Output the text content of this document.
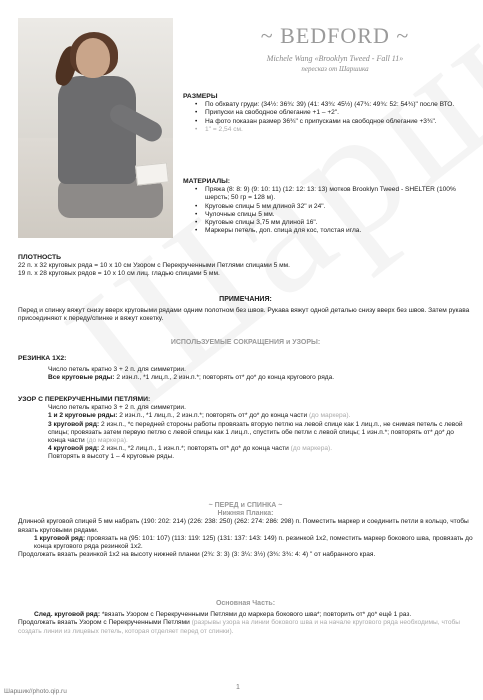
~ BEDFORD ~
Michele Wang «Brooklyn Tweed - Fall 11»
пересказ от Шаршика
РАЗМЕРЫ
• По обхвату груди: (34½: 36¾: 39) (41: 43¾: 45½) (47¾: 49¾: 52: 54¾)" после ВТО.
• Припуски на свободное облегание +1 – +2".
• На фото показан размер 36¾" с припусками на свободное облегание +3¾".
• 1" = 2,54 см.
МАТЕРИАЛЫ:
• Пряжа (8: 8: 9) (9: 10: 11) (12: 12: 13: 13) мотков Brooklyn Tweed - SHELTER (100% шерсть; 50 гр = 128 м).
• Круговые спицы 5 мм длиной 32" и 24".
• Чулочные спицы 5 мм.
• Круговые спицы 3,75 мм длиной 16".
• Маркеры петель, доп. спица для кос, толстая игла.
ПЛОТНОСТЬ
22 п. х 32 круговых ряда = 10 х 10 см Узором с Перекрученными Петлями спицами 5 мм.
19 п. х 28 круговых рядов = 10 х 10 см лиц. гладью спицами 5 мм.
ПРИМЕЧАНИЯ:
Перед и спинку вяжут снизу вверх круговыми рядами одним полотном без швов. Рукава вяжут одной деталью снизу вверх без швов. Затем рукава присоединяют к переду/спинке и вяжут кокетку.
ИСПОЛЬЗУЕМЫЕ СОКРАЩЕНИЯ и УЗОРЫ:
РЕЗИНКА 1Х2:
Число петель кратно 3 + 2 п. для симметрии.
Все круговые ряды: 2 изн.п., *1 лиц.п., 2 изн.п.*; повторять от* до* до конца кругового ряда.
УЗОР С ПЕРЕКРУЧЕННЫМИ ПЕТЛЯМИ:
Число петель кратно 3 + 2 п. для симметрии.
1 и 2 круговые ряды: 2 изн.п., *1 лиц.п., 2 изн.п.*; повторять от* до* до конца части (до маркера).
3 круговой ряд: 2 изн.п., *с передней стороны работы провязать вторую петлю на левой спице как 1 лиц.п., не снимая петель с левой спицы; провязать затем первую петлю с левой спицы как 1 лиц.п., спустить обе петли с левой спицы; 1 изн.п.*; повторять от* до* до конца части (до маркера).
4 круговой ряд: 2 изн.п., *2 лиц.п., 1 изн.п.*; повторять от* до* до конца части (до маркера).
Повторять в высоту 1 – 4 круговые ряды.
~ ПЕРЕД и СПИНКА ~
Нижняя Планка:
Длинной круговой спицей 5 мм набрать (190: 202: 214) (226: 238: 250) (262: 274: 286: 298) п. Поместить маркер и соединить петли в кольцо, чтобы вязать круговыми рядами.
1 круговой ряд: провязать на (95: 101: 107) (113: 119: 125) (131: 137: 143: 149) п. резинкой 1х2, поместить маркер бокового шва, провязать до конца кругового ряда резинкой 1х2.
Продолжать вязать резинкой 1х2 на высоту нижней планки (2¾: 3: 3) (3: 3¼: 3½) (3¾: 3¾: 4: 4) " от набранного края.
Основная Часть:
След. круговой ряд: *вязать Узором с Перекрученными Петлями до маркера бокового шва*; повторить от* до* ещё 1 раз.
Продолжать вязать Узором с Перекрученными Петлями (разрывы узора на линии бокового шва и на начале кругового ряда необходимы, чтобы создать линии из лицевых петель, которая отделяет перед от спинки).
Шаршик//photo.qip.ru
1
